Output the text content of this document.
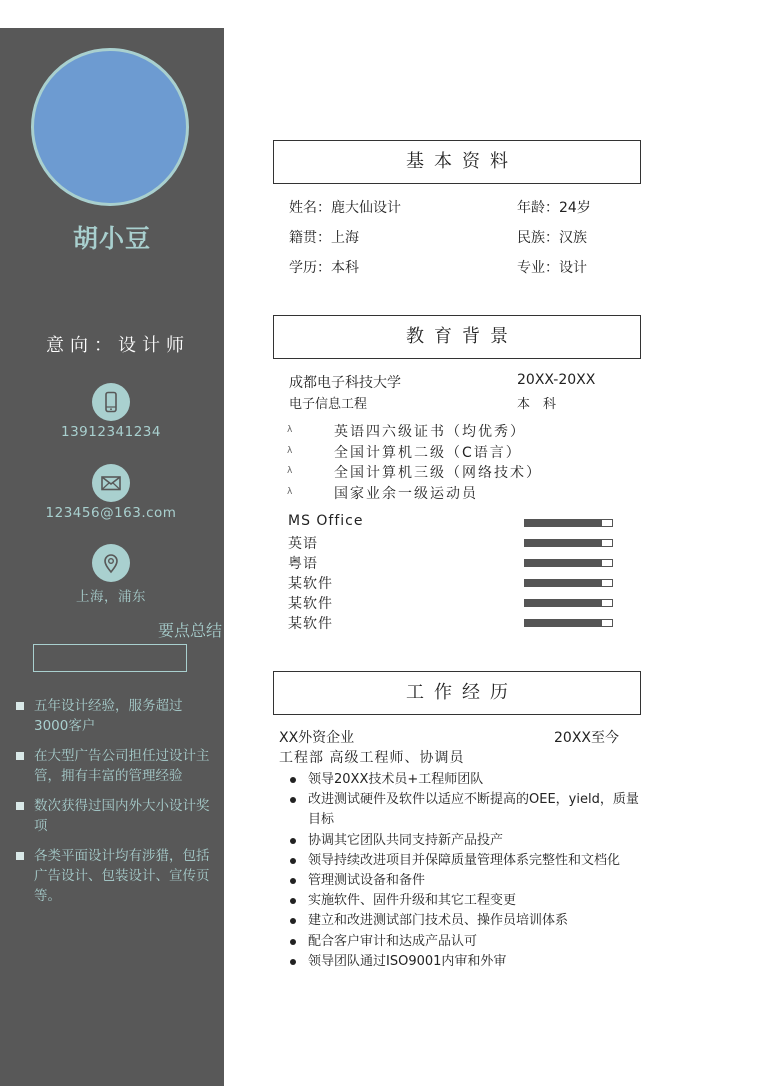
胡小豆
意向：设计师
13912341234
123456@163.com
上海，浦东
五年设计经验，服务超过3000客户
在大型广告公司担任过设计主管，拥有丰富的管理经验
数次获得过国内外大小设计奖项
各类平面设计均有涉猎，包括广告设计、包装设计、宣传页等。
要点总结
基本资料
姓名：鹿大仙设计	年龄：24岁
籍贯：上海	民族：汉族
学历：本科	专业：设计
教育背景
成都电子科技大学	20XX-20XX
电子信息工程	本　科
λ	英语四六级证书（均优秀）
λ	全国计算机二级（C语言）
λ	全国计算机三级（网络技术）
λ	国家业余一级运动员
MS Office
英语
粤语
某软件
某软件
某软件
工作经历
XX外资企业	20XX至今
工程部 高级工程师、协调员
领导20XX技术员+工程师团队
改进测试硬件及软件以适应不断提高的OEE，yield，质量目标
协调其它团队共同支持新产品投产
领导持续改进项目并保障质量管理体系完整性和文档化
管理测试设备和备件
实施软件、固件升级和其它工程变更
建立和改进测试部门技术员、操作员培训体系
配合客户审计和达成产品认可
领导团队通过ISO9001内审和外审
